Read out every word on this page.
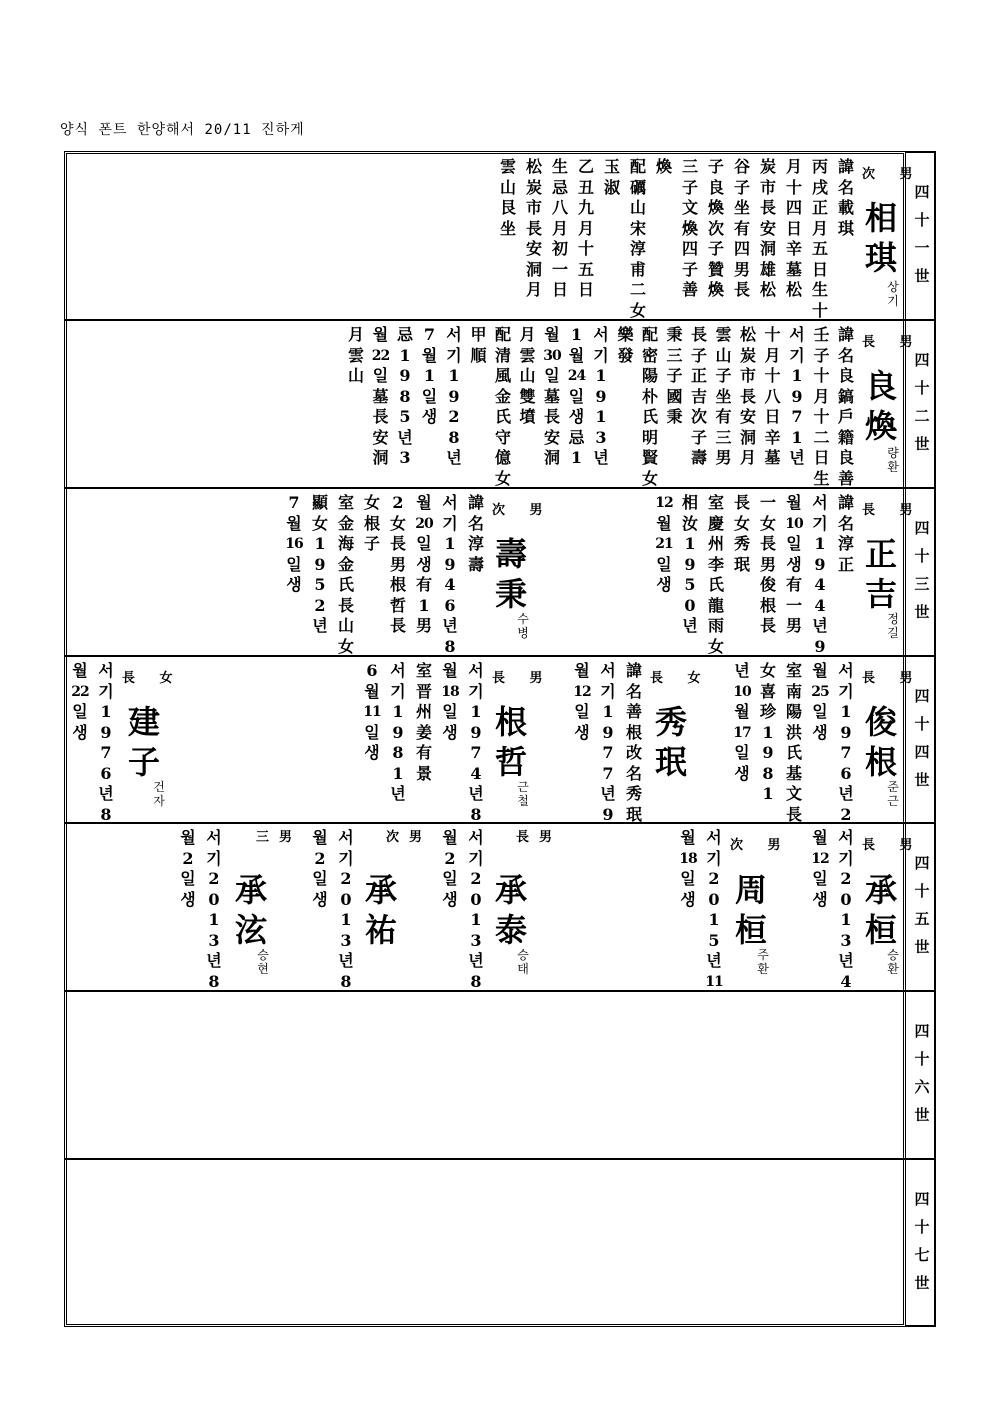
양식 폰트 한양해서 20/11 진하게
四
十
一
世
四
十
二
世
四
十
三
世
四
十
四
世
四
十
五
世
四
十
六
世
四
十
七
世
次 男
相
琪
상
기
諱
名
載
琪
丙
戌
正
月
五
日
生
十
月
十
四
日
辛
墓
松
炭
市
長
安
洞
雄
松
谷
子
坐
有
四
男
長
子
良
煥
次
子
贊
煥
三
子
文
煥
四
子
善
煥
配
礪
山
宋
淳
甫
二
女
玉
淑
乙
丑
九
月
十
五
日
生
忌
八
月
初
一
日
松
炭
市
長
安
洞
月
雲
山
艮
坐
長 男
良
煥
량
환
諱
名
良
鎬
戶
籍
良
善
壬
子
十
月
十
二
日
生
서
기
1
9
7
1
년
十
月
十
八
日
辛
墓
松
炭
市
長
安
洞
月
雲
山
子
坐
有
三
男
長
子
正
吉
次
子
壽
秉
三
子
國
秉
配
密
陽
朴
氏
明
賢
女
樂
發
서
기
1
9
1
3
년
1
월
24
일
생
忌
1
월
30
일
墓
長
安
洞
月
雲
山
雙
墳
配
清
風
金
氏
守
億
女
甲
順
서
기
1
9
2
8
년
7
월
1
일
생
忌
1
9
8
5
년
3
월
22
일
墓
長
安
洞
月
雲
山
長 男
正
吉
정
길
諱
名
淳
正
서
기
1
9
4
4
년
9
월
10
일
생
有
一
男
一
女
長
男
俊
根
長
長
女
秀
珉
室
慶
州
李
氏
龍
雨
女
相
汝
1
9
5
0
년
12
월
21
일
생
次 男
壽
秉
수
병
諱
名
淳
壽
서
기
1
9
4
6
년
8
월
20
일
생
有
1
男
2
女
長
男
根
哲
長
女
根
子
室
金
海
金
氏
長
山
女
顯
女
1
9
5
2
년
7
월
16
일
생
長 男
俊
根
준
근
서
기
1
9
7
6
년
2
월
25
일
생
室
南
陽
洪
氏
基
文
長
女
喜
珍
1
9
8
1
년
10
월
17
일
생
長 女
秀
珉
諱
名
善
根
改
名
秀
珉
서
기
1
9
7
7
년
9
월
12
일
생
長 男
根
哲
근
철
서
기
1
9
7
4
년
8
월
18
일
생
室
晋
州
姜
有
景
서
기
1
9
8
1
년
6
월
11
일
생
長 女
建
子
건
자
서
기
1
9
7
6
년
8
월
22
일
생
長 男
承
桓
승
환
서
기
2
0
1
3
년
4
월
12
일
생
次 男
周
桓
주
환
서
기
2
0
1
5
년
11
월
18
일
생
長男
承
泰
승
태
서
기
2
0
1
3
년
8
월
2
일
생
次男
承
祐
서
기
2
0
1
3
년
8
월
2
일
생
三男
承
泫
승
현
서
기
2
0
1
3
년
8
월
2
일
생
